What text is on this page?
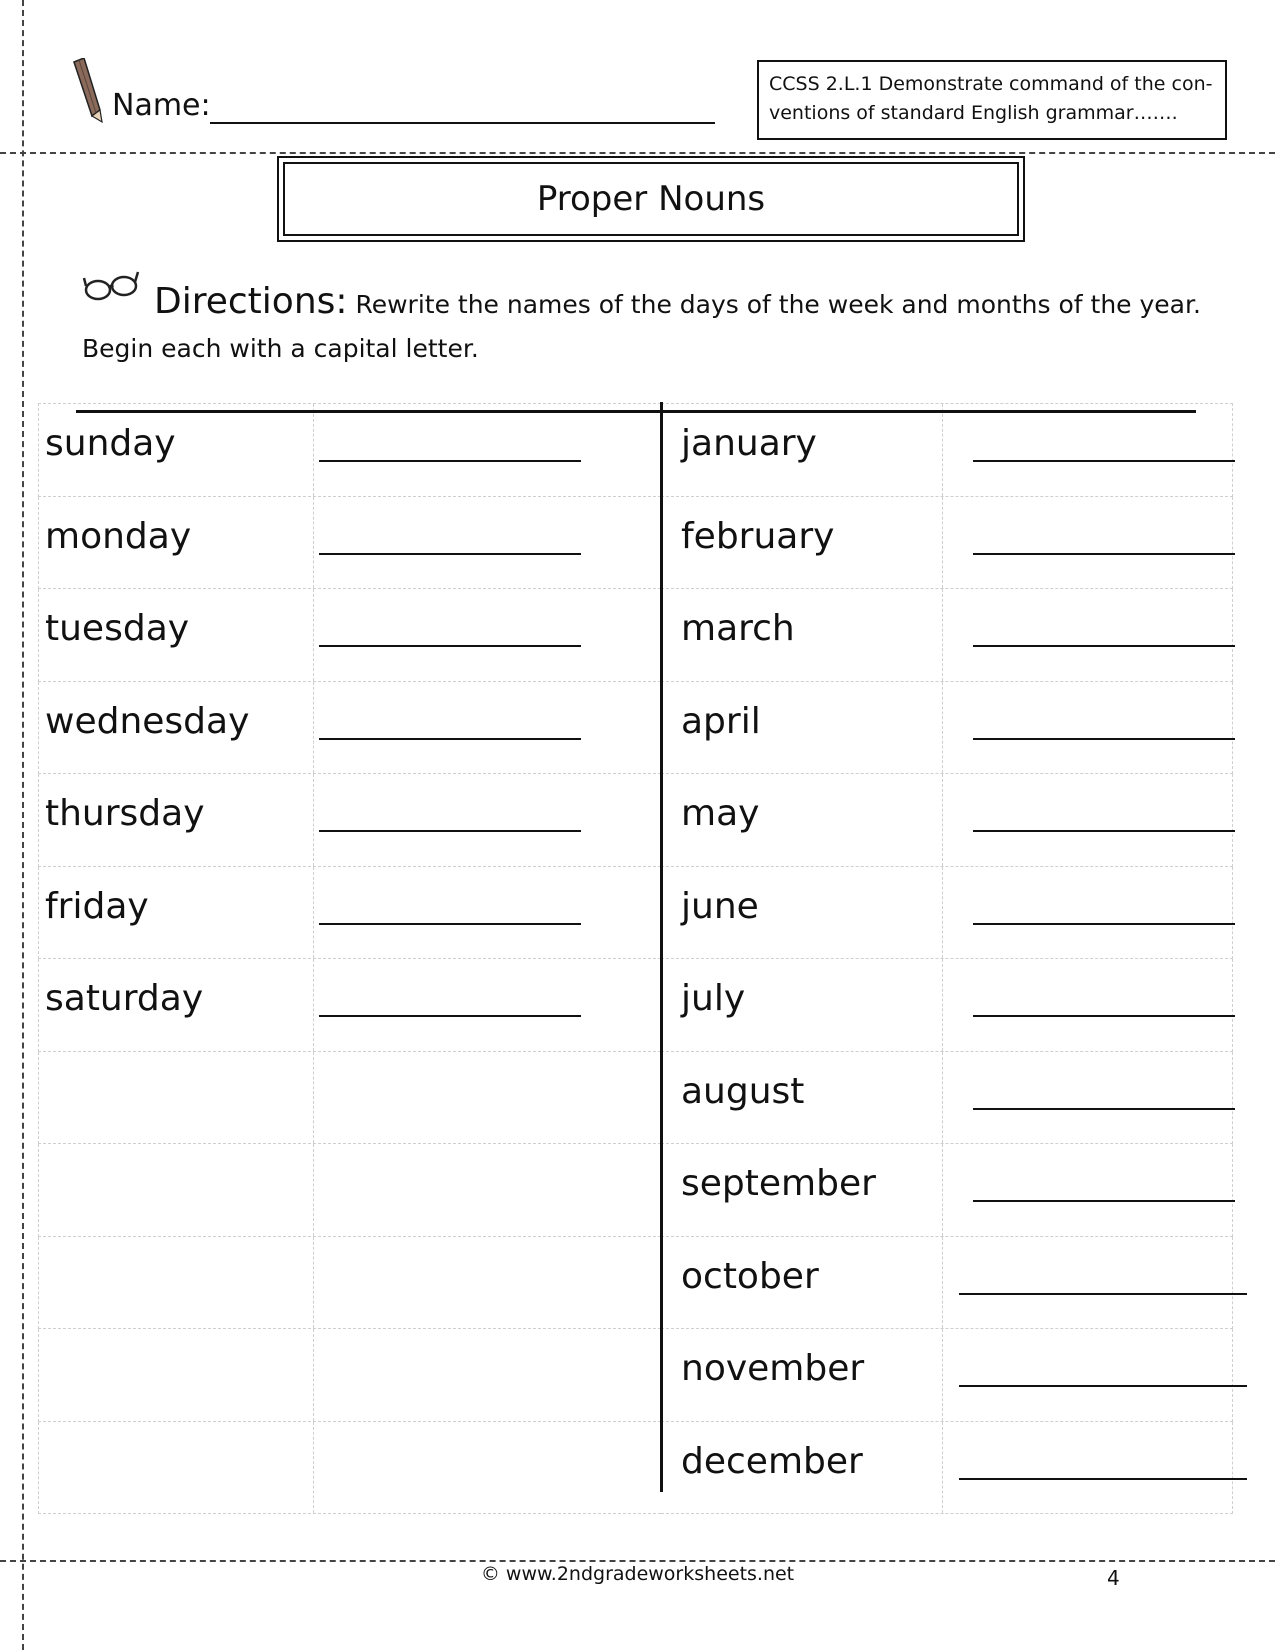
Name:
CCSS 2.L.1 Demonstrate command of the con-ventions of standard English grammar…….
Proper Nouns
Directions: Rewrite the names of the days of the week and months of the year. Begin each with a capital letter.
sunday
monday
tuesday
wednesday
thursday
friday
saturday
january
february
march
april
may
june
july
august
september
october
november
december
© www.2ndgradeworksheets.net	4
